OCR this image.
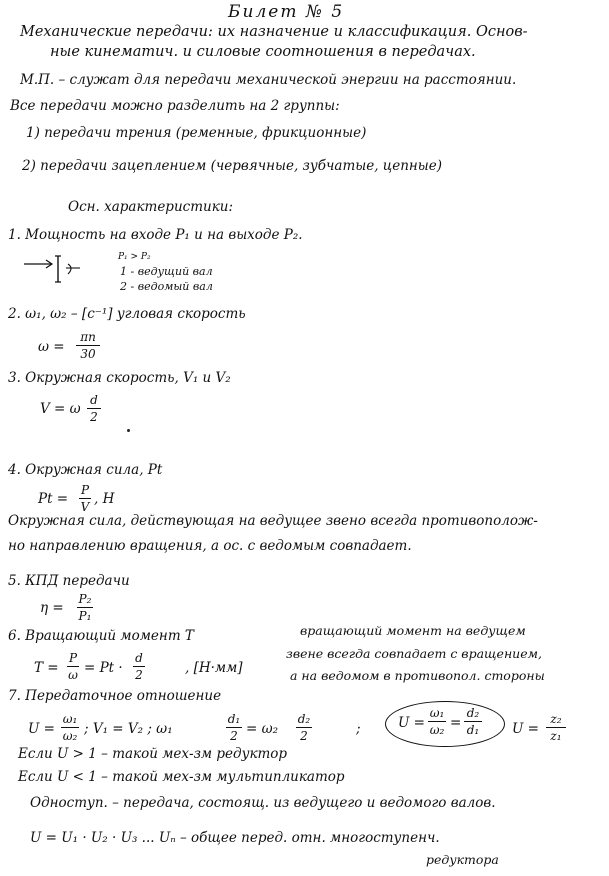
Билет № 5
Механические передачи: их назначение и классификация. Основ-
ные кинематич. и силовые соотношения в передачах.
М.П. – служат для передачи механической энергии на расстоянии.
Все передачи можно разделить на 2 группы:
1) передачи трения (ременные, фрикционные)
2) передачи зацеплением (червячные, зубчатые, цепные)
Осн. характеристики:
1. Мощность на входе P₁ и на выходе P₂.
P₁ > P₂
1 - ведущий вал
2 - ведомый вал
2. ω₁, ω₂ – [с⁻¹] угловая скорость
ω =
πn
30
3. Окружная скорость, V₁ и V₂
V = ω
d
2
4. Окружная сила, Pt
Pt =
P
V , Н
Окружная сила, действующая на ведущее звено всегда противополож-
но направлению вращения, а ос. с ведомым совпадает.
5. КПД передачи
η =
P₂
P₁
6. Вращающий момент T
T =
P
ω = Pt ·
d
2	, [Н·мм]
вращающий момент на ведущем
звене всегда совпадает с вращением,
а на ведомом в противопол. стороны
7. Передаточное отношение
U =
ω₁
ω₂ ; V₁ = V₂ ; ω₁
d₁
2 = ω₂
d₂
2	;	U =
ω₁
ω₂ =
d₂
d₁ U =
z₂
z₁
Если U > 1 – такой мех-зм редуктор
Если U < 1 – такой мех-зм мультипликатор
Одноступ. – передача, состоящ. из ведущего и ведомого валов.
U = U₁ · U₂ · U₃ ... Uₙ – общее перед. отн. многоступенч.
редуктора
